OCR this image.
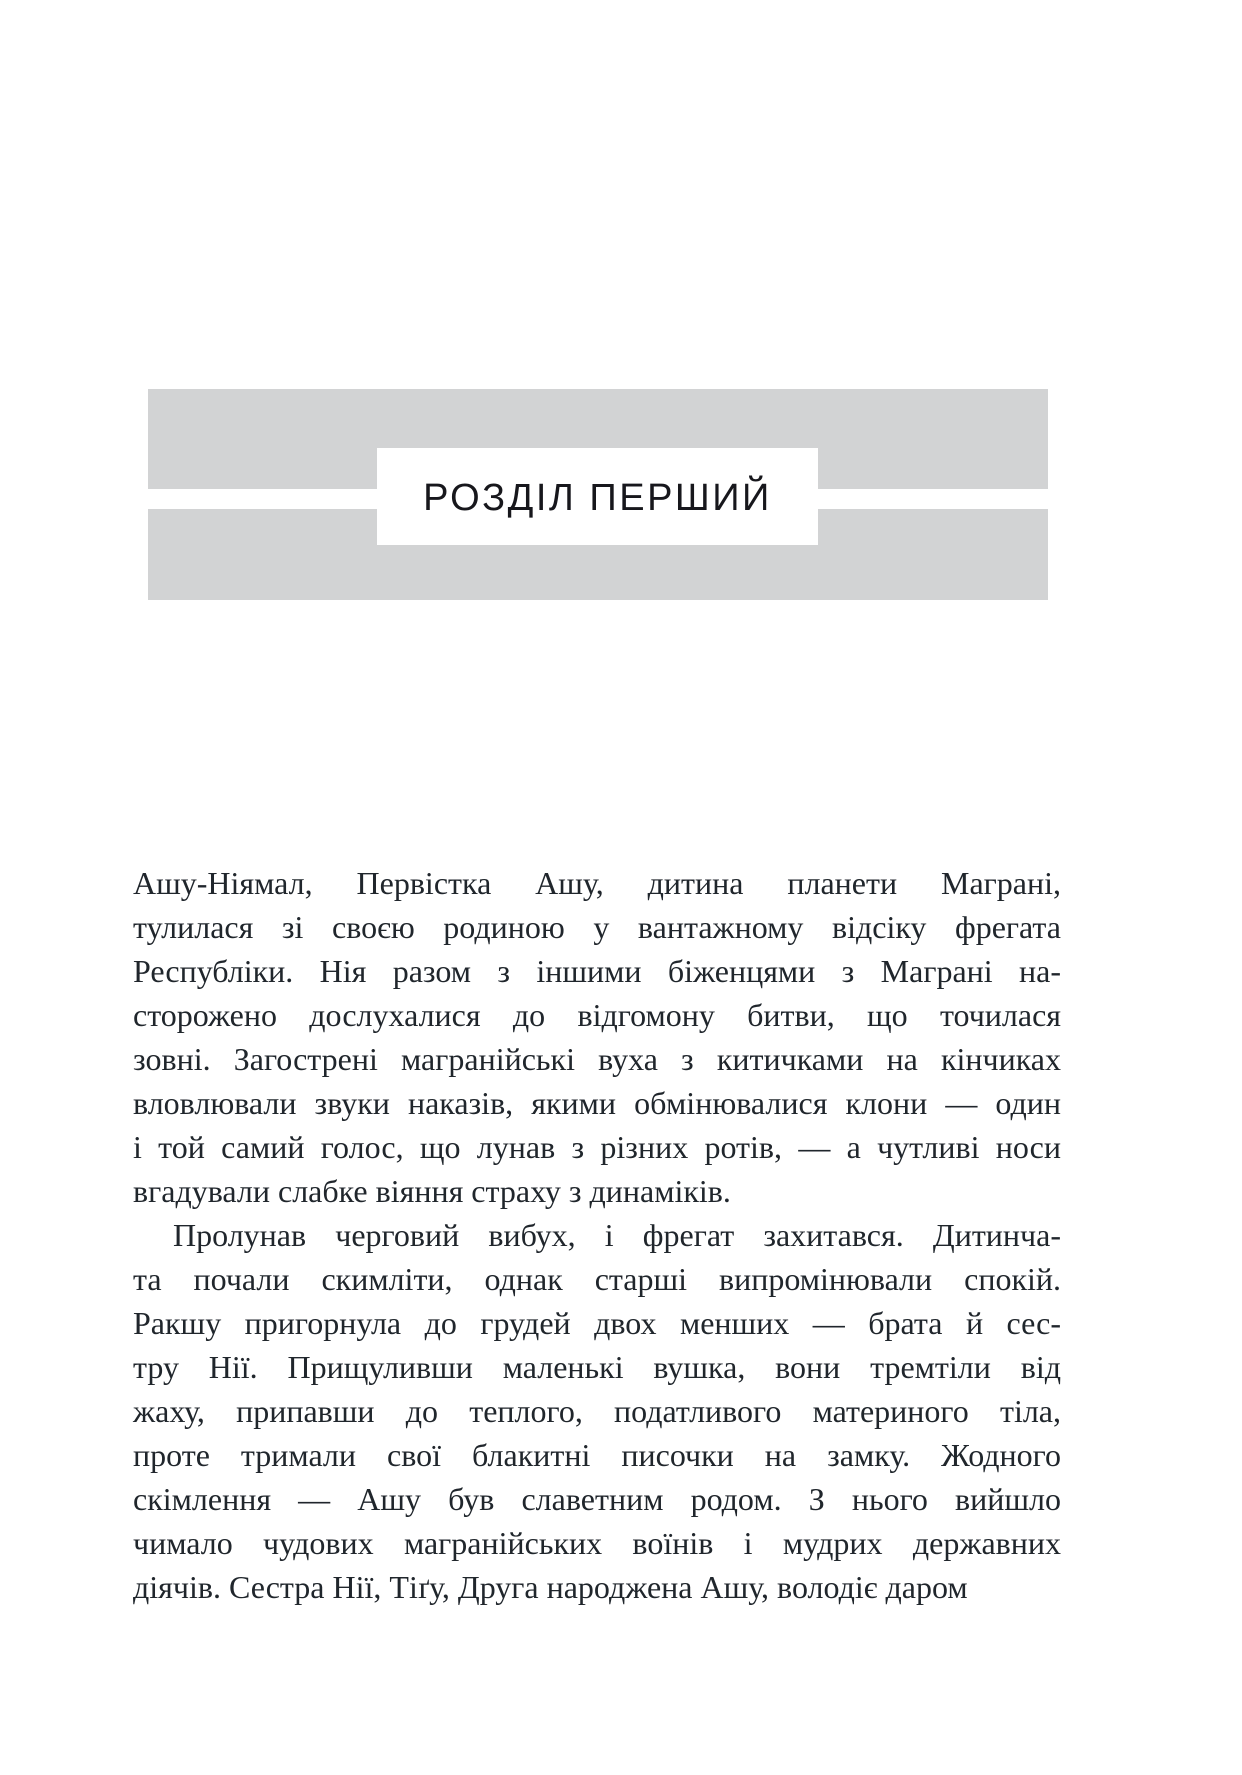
РОЗДІЛ ПЕРШИЙ
Ашу-Ніямал, Первістка Ашу, дитина планети Маграні,
тулилася зі своєю родиною у вантажному відсіку фрегата
Республіки. Нія разом з іншими біженцями з Маграні на-
сторожено дослухалися до відгомону битви, що точилася
зовні. Загострені магранійські вуха з китичками на кінчиках
вловлювали звуки наказів, якими обмінювалися клони — один
і той самий голос, що лунав з різних ротів, — а чутливі носи
вгадували слабке віяння страху з динаміків.
Пролунав черговий вибух, і фрегат захитався. Дитинча-
та почали скимліти, однак старші випромінювали спокій.
Ракшу пригорнула до грудей двох менших — брата й сес-
тру Нії. Прищуливши маленькі вушка, вони тремтіли від
жаху, припавши до теплого, податливого материного тіла,
проте тримали свої блакитні писочки на замку. Жодного
скімлення — Ашу був славетним родом. З нього вийшло
чимало чудових магранійських воїнів і мудрих державних
діячів. Сестра Нії, Тіґу, Друга народжена Ашу, володіє даром
